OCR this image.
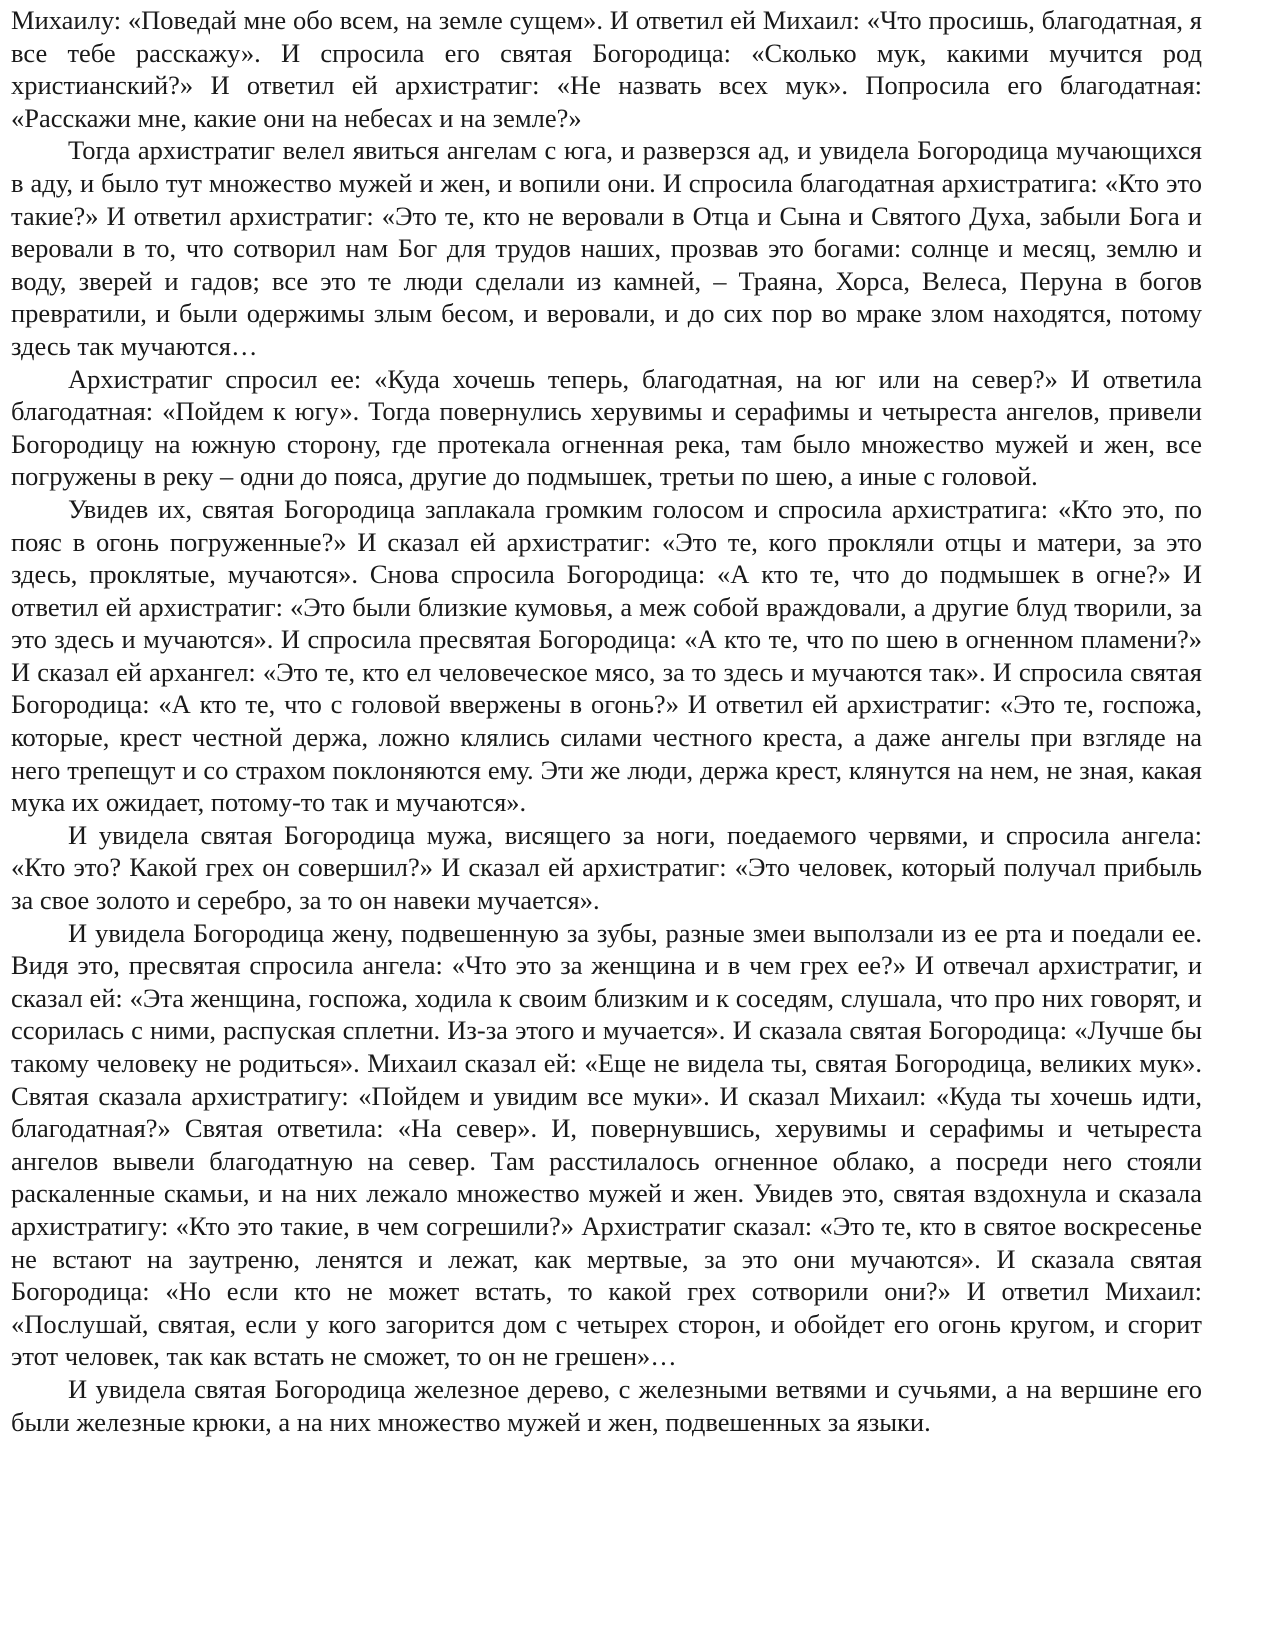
Михаилу: «Поведай мне обо всем, на земле сущем». И ответил ей Михаил: «Что просишь, благодатная, я все тебе расскажу». И спросила его святая Богородица: «Сколько мук, какими мучится род христианский?» И ответил ей архистратиг: «Не назвать всех мук». Попросила его благодатная: «Расскажи мне, какие они на небесах и на земле?»

Тогда архистратиг велел явиться ангелам с юга, и разверзся ад, и увидела Богородица мучающихся в аду, и было тут множество мужей и жен, и вопили они. И спросила благодатная архистратига: «Кто это такие?» И ответил архистратиг: «Это те, кто не веровали в Отца и Сына и Святого Духа, забыли Бога и веровали в то, что сотворил нам Бог для трудов наших, прозвав это богами: солнце и месяц, землю и воду, зверей и гадов; все это те люди сделали из камней, – Траяна, Хорса, Велеса, Перуна в богов превратили, и были одержимы злым бесом, и веровали, и до сих пор во мраке злом находятся, потому здесь так мучаются…

Архистратиг спросил ее: «Куда хочешь теперь, благодатная, на юг или на север?» И ответила благодатная: «Пойдем к югу». Тогда повернулись херувимы и серафимы и четыреста ангелов, привели Богородицу на южную сторону, где протекала огненная река, там было множество мужей и жен, все погружены в реку – одни до пояса, другие до подмышек, третьи по шею, а иные с головой.

Увидев их, святая Богородица заплакала громким голосом и спросила архистратига: «Кто это, по пояс в огонь погруженные?» И сказал ей архистратиг: «Это те, кого прокляли отцы и матери, за это здесь, проклятые, мучаются». Снова спросила Богородица: «А кто те, что до подмышек в огне?» И ответил ей архистратиг: «Это были близкие кумовья, а меж собой враждовали, а другие блуд творили, за это здесь и мучаются». И спросила пресвятая Богородица: «А кто те, что по шею в огненном пламени?» И сказал ей архангел: «Это те, кто ел человеческое мясо, за то здесь и мучаются так». И спросила святая Богородица: «А кто те, что с головой ввержены в огонь?» И ответил ей архистратиг: «Это те, госпожа, которые, крест честной держа, ложно клялись силами честного креста, а даже ангелы при взгляде на него трепещут и со страхом поклоняются ему. Эти же люди, держа крест, клянутся на нем, не зная, какая мука их ожидает, потому-то так и мучаются».

И увидела святая Богородица мужа, висящего за ноги, поедаемого червями, и спросила ангела: «Кто это? Какой грех он совершил?» И сказал ей архистратиг: «Это человек, который получал прибыль за свое золото и серебро, за то он навеки мучается».

И увидела Богородица жену, подвешенную за зубы, разные змеи выползали из ее рта и поедали ее. Видя это, пресвятая спросила ангела: «Что это за женщина и в чем грех ее?» И отвечал архистратиг, и сказал ей: «Эта женщина, госпожа, ходила к своим близким и к соседям, слушала, что про них говорят, и ссорилась с ними, распуская сплетни. Из-за этого и мучается». И сказала святая Богородица: «Лучше бы такому человеку не родиться». Михаил сказал ей: «Еще не видела ты, святая Богородица, великих мук». Святая сказала архистратигу: «Пойдем и увидим все муки». И сказал Михаил: «Куда ты хочешь идти, благодатная?» Святая ответила: «На север». И, повернувшись, херувимы и серафимы и четыреста ангелов вывели благодатную на север. Там расстилалось огненное облако, а посреди него стояли раскаленные скамьи, и на них лежало множество мужей и жен. Увидев это, святая вздохнула и сказала архистратигу: «Кто это такие, в чем согрешили?» Архистратиг сказал: «Это те, кто в святое воскресенье не встают на заутреню, ленятся и лежат, как мертвые, за это они мучаются». И сказала святая Богородица: «Но если кто не может встать, то какой грех сотворили они?» И ответил Михаил: «Послушай, святая, если у кого загорится дом с четырех сторон, и обойдет его огонь кругом, и сгорит этот человек, так как встать не сможет, то он не грешен»…

И увидела святая Богородица железное дерево, с железными ветвями и сучьями, а на вершине его были железные крюки, а на них множество мужей и жен, подвешенных за языки.
